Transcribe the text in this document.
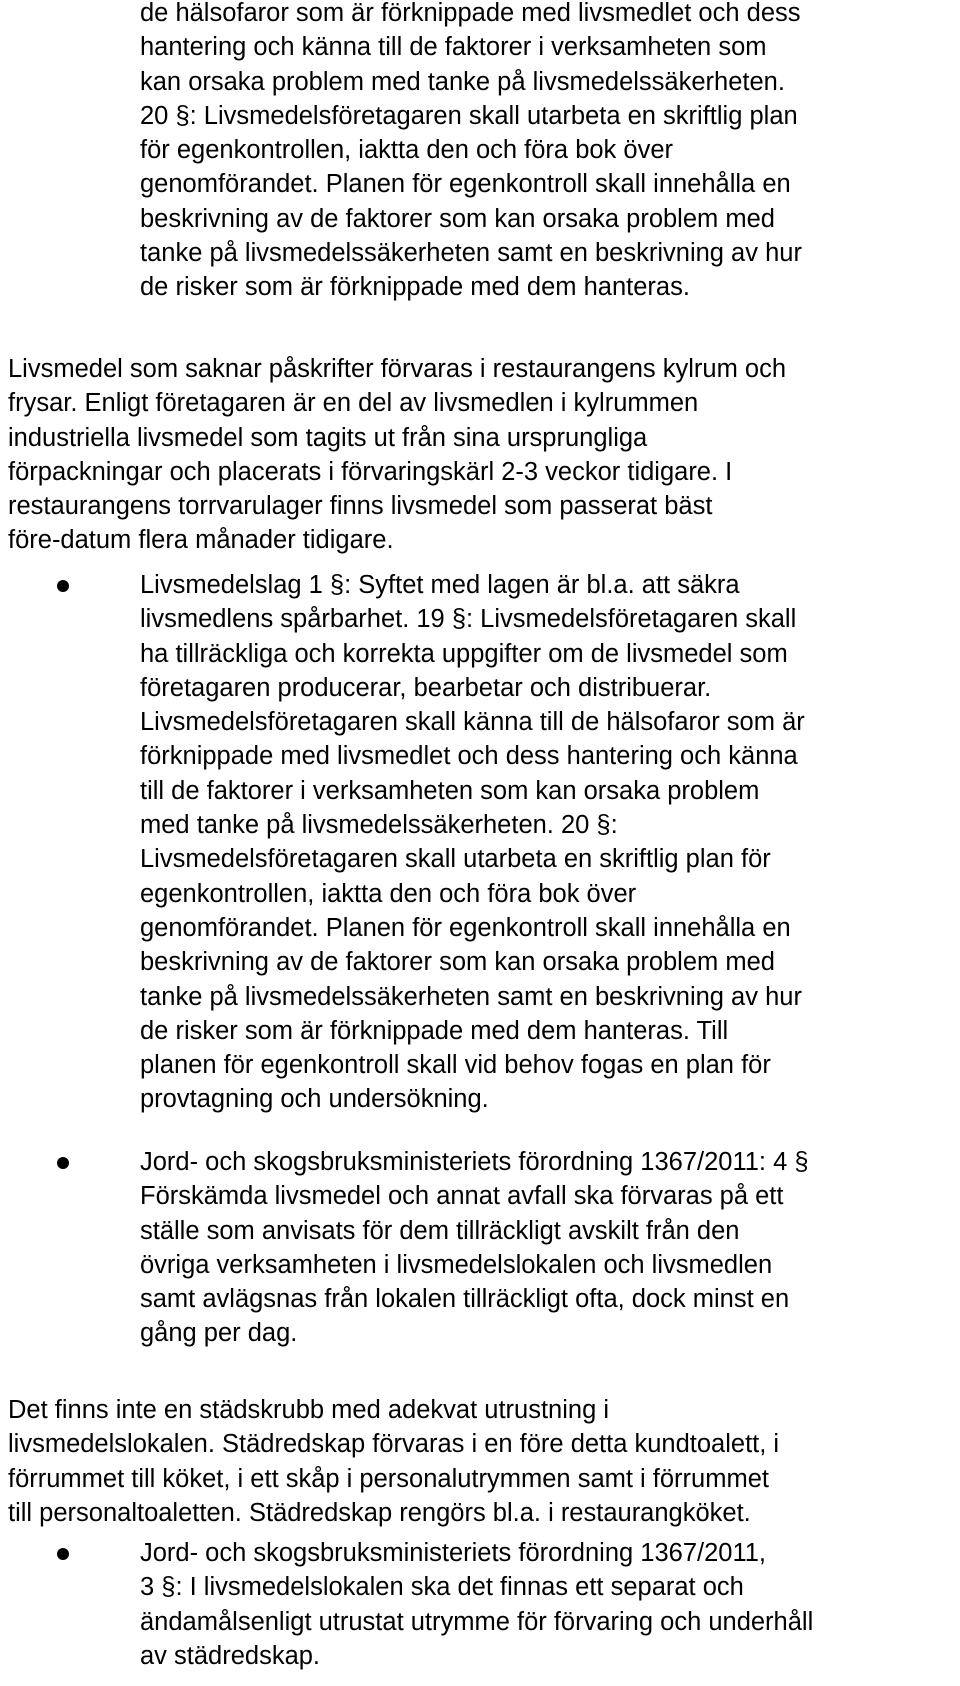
de hälsofaror som är förknippade med livsmedlet och dess
hantering och känna till de faktorer i verksamheten som
kan orsaka problem med tanke på livsmedelssäkerheten.
20 §: Livsmedelsföretagaren skall utarbeta en skriftlig plan
för egenkontrollen, iaktta den och föra bok över
genomförandet. Planen för egenkontroll skall innehålla en
beskrivning av de faktorer som kan orsaka problem med
tanke på livsmedelssäkerheten samt en beskrivning av hur
de risker som är förknippade med dem hanteras.
Livsmedel som saknar påskrifter förvaras i restaurangens kylrum och
frysar. Enligt företagaren är en del av livsmedlen i kylrummen
industriella livsmedel som tagits ut från sina ursprungliga
förpackningar och placerats i förvaringskärl 2-3 veckor tidigare. I
restaurangens torrvarulager finns livsmedel som passerat bäst
före-datum flera månader tidigare.
Livsmedelslag 1 §: Syftet med lagen är bl.a. att säkra
livsmedlens spårbarhet. 19 §: Livsmedelsföretagaren skall
ha tillräckliga och korrekta uppgifter om de livsmedel som
företagaren producerar, bearbetar och distribuerar.
Livsmedelsföretagaren skall känna till de hälsofaror som är
förknippade med livsmedlet och dess hantering och känna
till de faktorer i verksamheten som kan orsaka problem
med tanke på livsmedelssäkerheten. 20 §:
Livsmedelsföretagaren skall utarbeta en skriftlig plan för
egenkontrollen, iaktta den och föra bok över
genomförandet. Planen för egenkontroll skall innehålla en
beskrivning av de faktorer som kan orsaka problem med
tanke på livsmedelssäkerheten samt en beskrivning av hur
de risker som är förknippade med dem hanteras. Till
planen för egenkontroll skall vid behov fogas en plan för
provtagning och undersökning.
Jord- och skogsbruksministeriets förordning 1367/2011: 4 §
Förskämda livsmedel och annat avfall ska förvaras på ett
ställe som anvisats för dem tillräckligt avskilt från den
övriga verksamheten i livsmedelslokalen och livsmedlen
samt avlägsnas från lokalen tillräckligt ofta, dock minst en
gång per dag.
Det finns inte en städskrubb med adekvat utrustning i
livsmedelslokalen. Städredskap förvaras i en före detta kundtoalett, i
förrummet till köket, i ett skåp i personalutrymmen samt i förrummet
till personaltoaletten. Städredskap rengörs bl.a. i restaurangköket.
Jord- och skogsbruksministeriets förordning 1367/2011,
3 §: I livsmedelslokalen ska det finnas ett separat och
ändamålsenligt utrustat utrymme för förvaring och underhåll
av städredskap.
